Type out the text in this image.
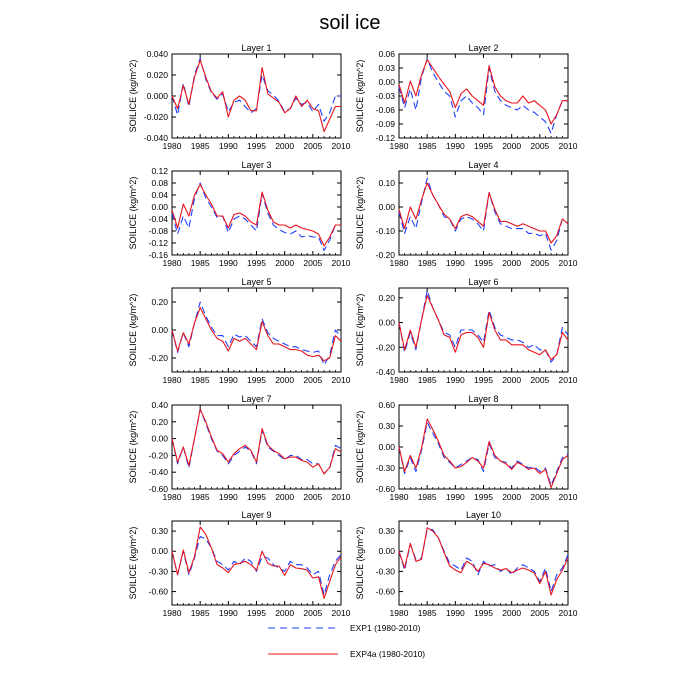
soil ice
Layer 1
1980 1985 1990 1995 2000 2005 2010
-0.040
-0.020
0.000
0.020
0.040
SOILICE (kg/m^2)
Layer 2
1980 1985 1990 1995 2000 2005 2010
-0.12
-0.09
-0.06
-0.03
0.00
0.03
0.06
SOILICE (kg/m^2)
Layer 3
1980 1985 1990 1995 2000 2005 2010
-0.16
-0.12
-0.08
-0.04
0.00
0.04
0.08
0.12
SOILICE (kg/m^2)
Layer 4
1980 1985 1990 1995 2000 2005 2010
-0.20
-0.10
0.00
0.10
SOILICE (kg/m^2)
Layer 5
1980 1985 1990 1995 2000 2005 2010
-0.20
0.00
0.20
SOILICE (kg/m^2)
Layer 6
1980 1985 1990 1995 2000 2005 2010
-0.40
-0.20
0.00
0.20
SOILICE (kg/m^2)
Layer 7
1980 1985 1990 1995 2000 2005 2010
-0.60
-0.40
-0.20
0.00
0.20
0.40
SOILICE (kg/m^2)
Layer 8
1980 1985 1990 1995 2000 2005 2010
-0.60
-0.30
0.00
0.30
0.60
SOILICE (kg/m^2)
Layer 9
1980 1985 1990 1995 2000 2005 2010
-0.60
-0.30
0.00
0.30
SOILICE (kg/m^2)
Layer 10
1980 1985 1990 1995 2000 2005 2010
-0.60
-0.30
0.00
0.30
SOILICE (kg/m^2)
EXP1 (1980-2010)
EXP4a (1980-2010)
